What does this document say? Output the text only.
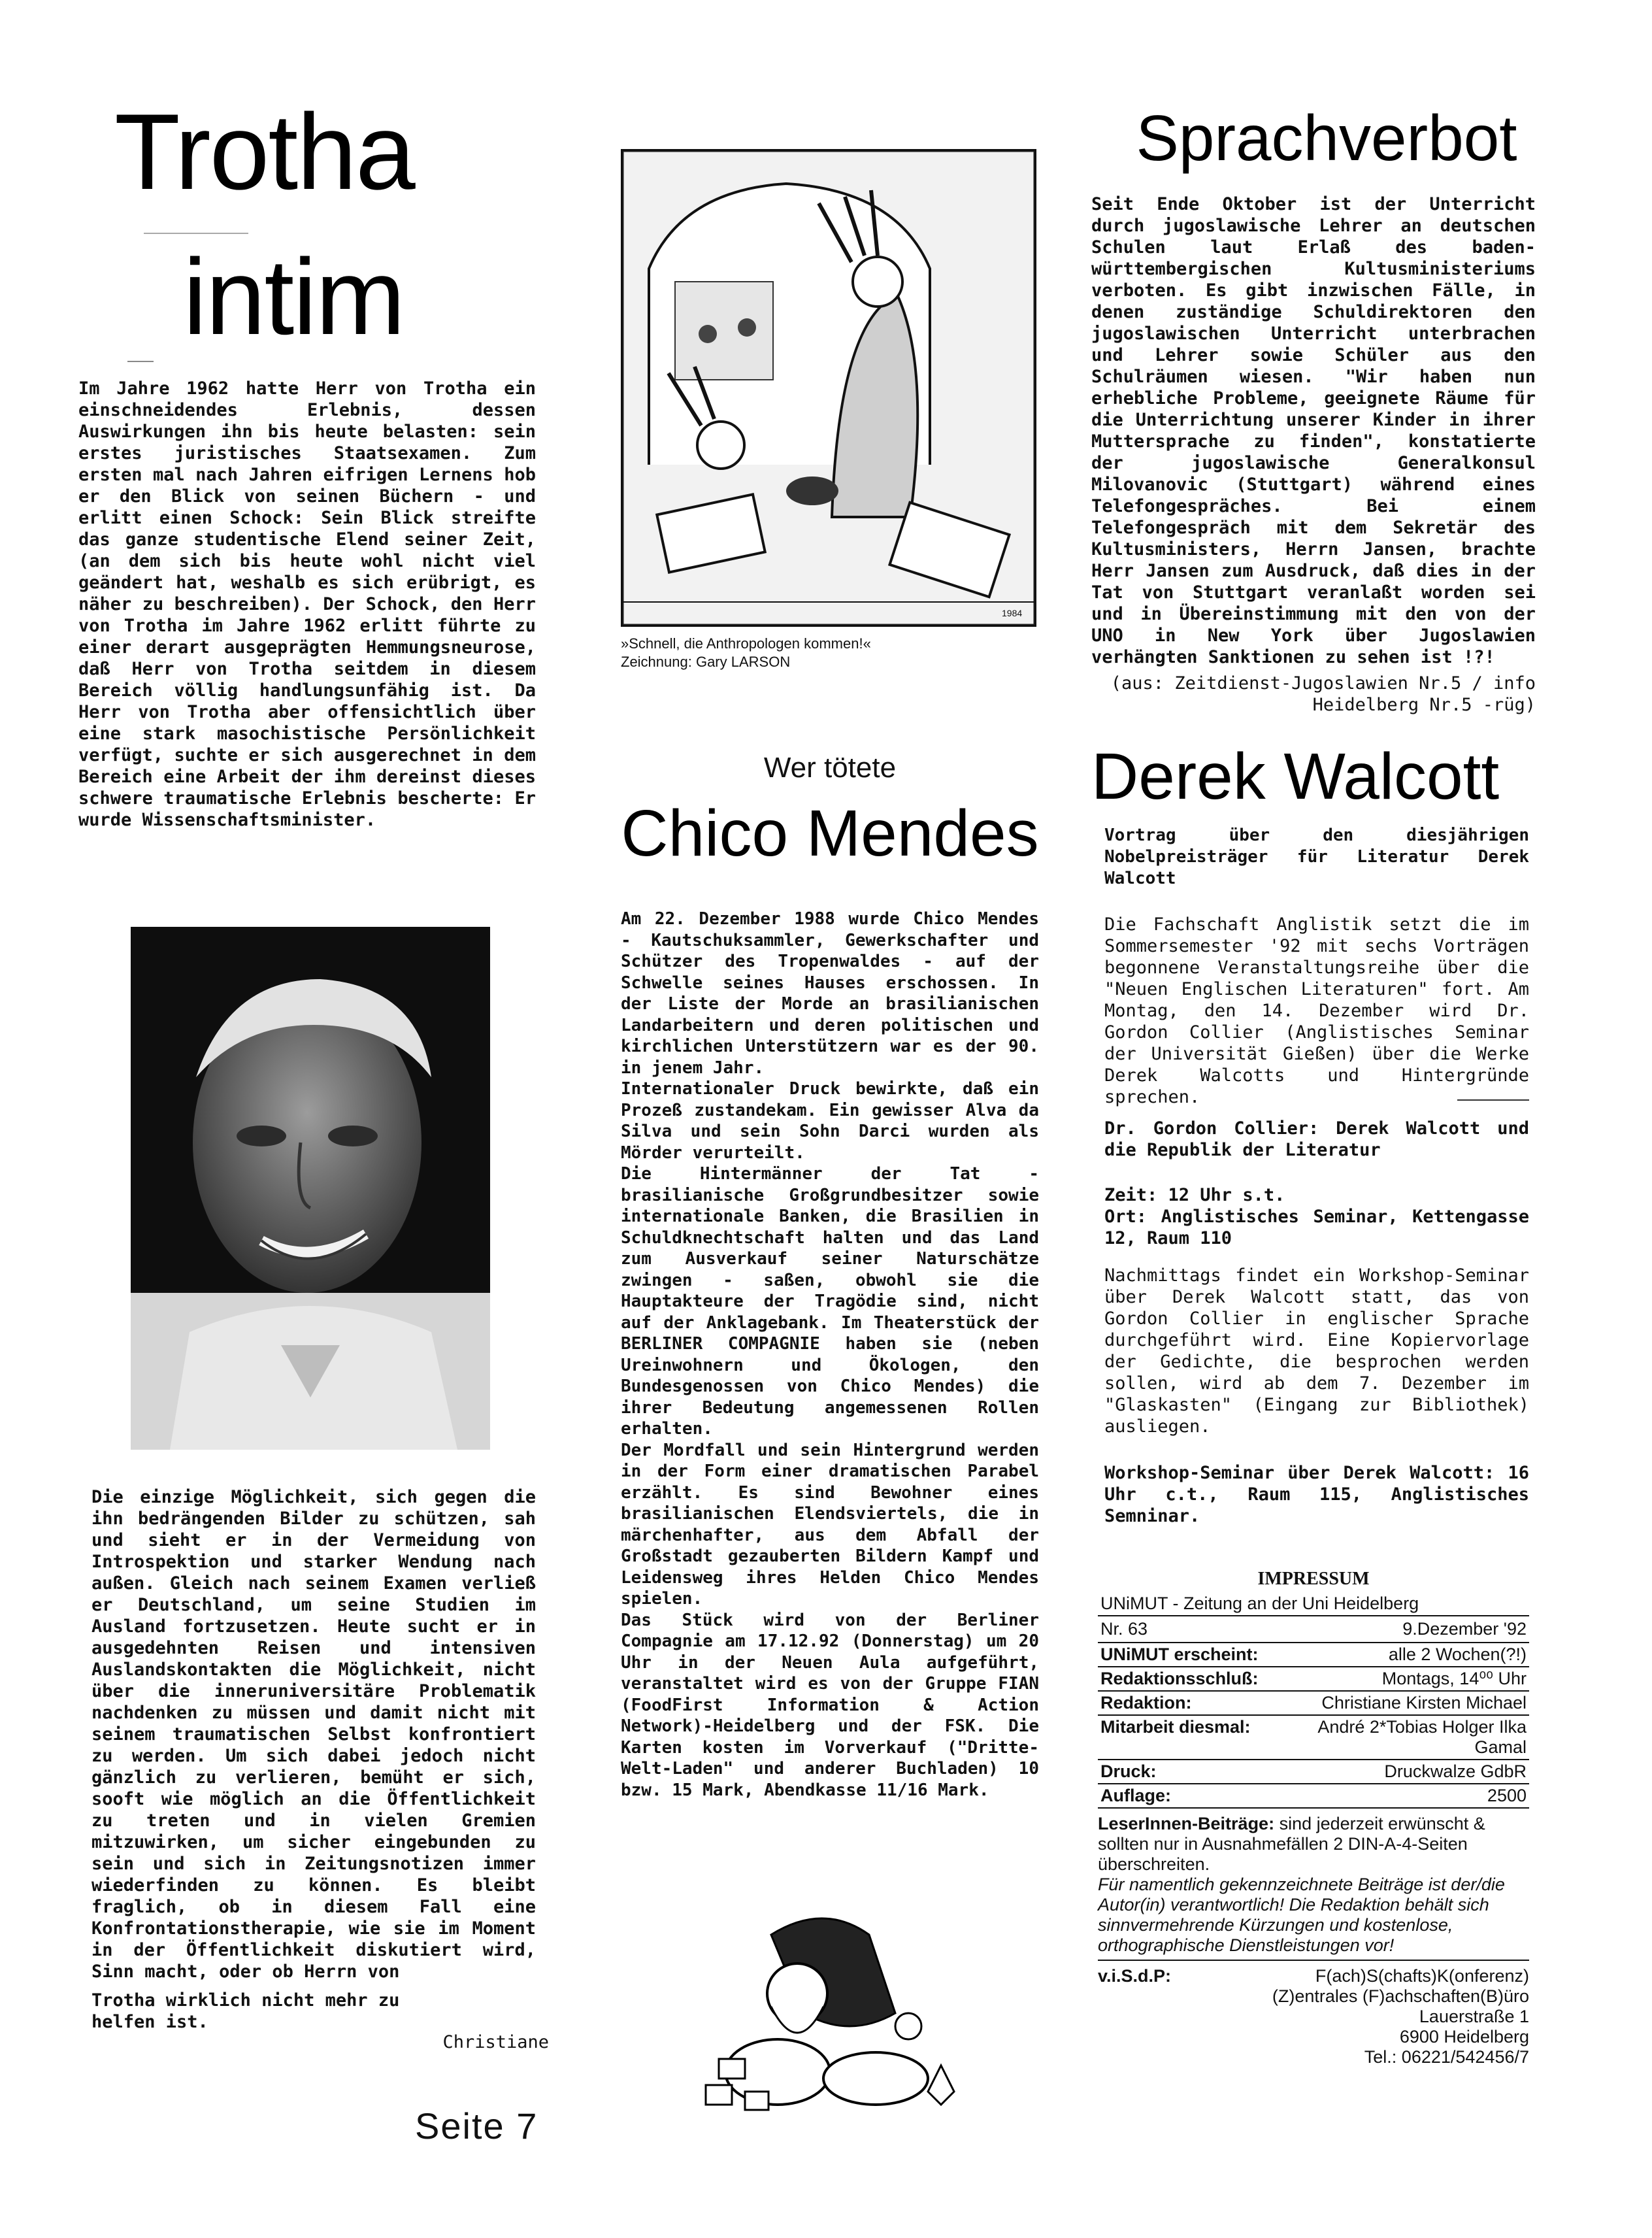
Trotha
intim

Im Jahre 1962 hatte Herr von Trotha ein einschneidendes Erlebnis, dessen Auswirkungen ihn bis heute belasten: sein erstes juristisches Staatsexamen. Zum ersten mal nach Jahren eifrigen Lernens hob er den Blick von seinen Büchern - und erlitt einen Schock: Sein Blick streifte das ganze studentische Elend seiner Zeit, (an dem sich bis heute wohl nicht viel geändert hat, weshalb es sich erübrigt, es näher zu beschreiben). Der Schock, den Herr von Trotha im Jahre 1962 erlitt führte zu einer derart ausgeprägten Hemmungsneurose, daß Herr von Trotha seitdem in diesem Bereich völlig handlungsunfähig ist. Da Herr von Trotha aber offensichtlich über eine stark masochistische Persönlichkeit verfügt, suchte er sich ausgerechnet in dem Bereich eine Arbeit der ihm dereinst dieses schwere traumatische Erlebnis bescherte: Er wurde Wissenschaftsminister.

Die einzige Möglichkeit, sich gegen die ihn bedrängenden Bilder zu schützen, sah und sieht er in der Vermeidung von Introspektion und starker Wendung nach außen. Gleich nach seinem Examen verließ er Deutschland, um seine Studien im Ausland fortzusetzen. Heute sucht er in ausgedehnten Reisen und intensiven Auslandskontakten die Möglichkeit, nicht über die inneruniversitäre Problematik nachdenken zu müssen und damit nicht mit seinem traumatischen Selbst konfrontiert zu werden. Um sich dabei jedoch nicht gänzlich zu verlieren, bemüht er sich, sooft wie möglich an die Öffentlichkeit zu treten und in vielen Gremien mitzuwirken, um sicher eingebunden zu sein und sich in Zeitungsnotizen immer wiederfinden zu können. Es bleibt fraglich, ob in diesem Fall eine Konfrontationstherapie, wie sie im Moment in der Öffentlichkeit diskutiert wird, Sinn macht, oder ob Herrn von

Trotha wirklich nicht mehr zu helfen ist.

Christiane

Seite 7
1984

»Schnell, die Anthropologen kommen!«

Zeichnung: Gary LARSON

Wer tötete
Chico Mendes

Am 22. Dezember 1988 wurde Chico Mendes - Kautschuksammler, Gewerkschafter und Schützer des Tropenwaldes - auf der Schwelle seines Hauses erschossen. In der Liste der Morde an brasilianischen Landarbeitern und deren politischen und kirchlichen Unterstützern war es der 90. in jenem Jahr.
Internationaler Druck bewirkte, daß ein Prozeß zustandekam. Ein gewisser Alva da Silva und sein Sohn Darci wurden als Mörder verurteilt.
Die Hintermänner der Tat - brasilianische Großgrundbesitzer sowie internationale Banken, die Brasilien in Schuldknechtschaft halten und das Land zum Ausverkauf seiner Naturschätze zwingen - saßen, obwohl sie die Hauptakteure der Tragödie sind, nicht auf der Anklagebank. Im Theaterstück der BERLINER COMPAGNIE haben sie (neben Ureinwohnern und Ökologen, den Bundesgenossen von Chico Mendes) die ihrer Bedeutung angemessenen Rollen erhalten.
Der Mordfall und sein Hintergrund werden in der Form einer dramatischen Parabel erzählt. Es sind Bewohner eines brasilianischen Elendsviertels, die in märchenhafter, aus dem Abfall der Großstadt gezauberten Bildern Kampf und Leidensweg ihres Helden Chico Mendes spielen.
Das Stück wird von der Berliner Compagnie am 17.12.92 (Donnerstag) um 20 Uhr in der Neuen Aula aufgeführt, veranstaltet wird es von der Gruppe FIAN (FoodFirst Information & Action Network)-Heidelberg und der FSK. Die Karten kosten im Vorverkauf ("Dritte-Welt-Laden" und anderer Buchladen) 10 bzw. 15 Mark, Abendkasse 11/16 Mark.

Sprachverbot

Seit Ende Oktober ist der Unterricht durch jugoslawische Lehrer an deutschen Schulen laut Erlaß des baden-württembergischen Kultusministeriums verboten. Es gibt inzwischen Fälle, in denen zuständige Schuldirektoren den jugoslawischen Unterricht unterbrachen und Lehrer sowie Schüler aus den Schulräumen wiesen. "Wir haben nun erhebliche Probleme, geeignete Räume für die Unterrichtung unserer Kinder in ihrer Muttersprache zu finden", konstatierte der jugoslawische Generalkonsul Milovanovic (Stuttgart) während eines Telefongespräches. Bei einem Telefongespräch mit dem Sekretär des Kultusministers, Herrn Jansen, brachte Herr Jansen zum Ausdruck, daß dies in der Tat von Stuttgart veranlaßt worden sei und in Übereinstimmung mit den von der UNO in New York über Jugoslawien verhängten Sanktionen zu sehen ist !?!

(aus: Zeitdienst-Jugoslawien Nr.5 / info Heidelberg Nr.5 -rüg)

Derek Walcott

Vortrag über den diesjährigen Nobelpreisträger für Literatur Derek Walcott

Die Fachschaft Anglistik setzt die im Sommersemester '92 mit sechs Vorträgen begonnene Veranstaltungsreihe über die "Neuen Englischen Literaturen" fort. Am Montag, den 14. Dezember wird Dr. Gordon Collier (Anglistisches Seminar der Universität Gießen) über die Werke Derek Walcotts und Hintergründe sprechen.

Dr. Gordon Collier: Derek Walcott und die Republik der Literatur

Zeit: 12 Uhr s.t.

Ort: Anglistisches Seminar, Kettengasse 12, Raum 110

Nachmittags findet ein Workshop-Seminar über Derek Walcott statt, das von Gordon Collier in englischer Sprache durchgeführt wird. Eine Kopiervorlage der Gedichte, die besprochen werden sollen, wird ab dem 7. Dezember im "Glaskasten" (Eingang zur Bibliothek) ausliegen.

Workshop-Seminar über Derek Walcott: 16 Uhr c.t., Raum 115, Anglistisches Semninar.

IMPRESSUM
UNiMUT - Zeitung an der Uni Heidelberg
Nr. 63	9.Dezember '92
UNiMUT erscheint:	alle 2 Wochen(?!)
Redaktionsschluß:	Montags, 14⁰⁰ Uhr
Redaktion:	Christiane Kirsten Michael
Mitarbeit diesmal:	André 2*Tobias Holger Ilka Gamal
Druck:	Druckwalze GdbR
Auflage:	2500
LeserInnen-Beiträge: sind jederzeit erwünscht & sollten nur in Ausnahmefällen 2 DIN-A-4-Seiten überschreiten.
Für namentlich gekennzeichnete Beiträge ist der/die Autor(in) verantwortlich! Die Redaktion behält sich sinnvermehrende Kürzungen und kostenlose, orthographische Dienstleistungen vor!
v.i.S.d.P:	F(ach)S(chafts)K(onferenz)
(Z)entrales (F)achschaften(B)üro
Lauerstraße 1
6900 Heidelberg
Tel.: 06221/542456/7
